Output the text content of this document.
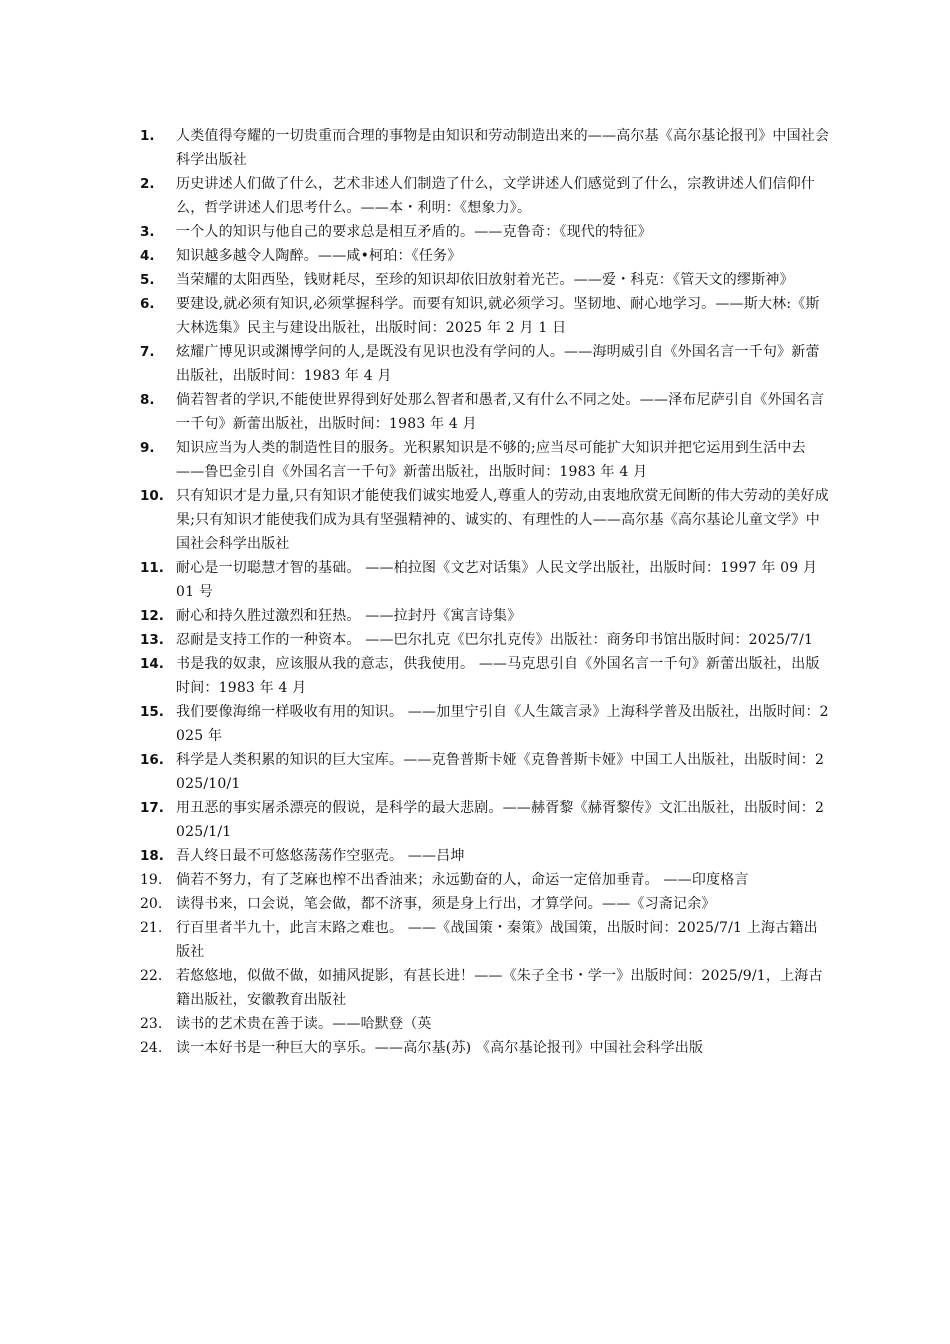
1.	人类值得夸耀的一切贵重而合理的事物是由知识和劳动制造出来的——高尔基《高尔基论报刊》中国社会科学出版社
2.	历史讲述人们做了什么，艺术非述人们制造了什么，文学讲述人们感觉到了什么，宗教讲述人们信仰什么，哲学讲述人们思考什么。——本・利明：《想象力》。
3.	一个人的知识与他自己的要求总是相互矛盾的。——克鲁奇：《现代的特征》
4.	知识越多越令人陶醉。——咸•柯珀：《任务》
5.	当荣耀的太阳西坠，钱财耗尽，至珍的知识却依旧放射着光芒。——爱・科克：《管天文的缪斯神》
6.	要建设,就必须有知识,必须掌握科学。而要有知识,就必须学习。坚韧地、耐心地学习。——斯大林:《斯大林选集》民主与建设出版社，出版时间：2025 年 2 月 1 日
7.	炫耀广博见识或渊博学问的人,是既没有见识也没有学问的人。——海明威引自《外国名言一千句》新蕾出版社，出版时间：1983 年 4 月
8.	倘若智者的学识,不能使世界得到好处那么智者和愚者,又有什么不同之处。——泽布尼萨引自《外国名言一千句》新蕾出版社，出版时间：1983 年 4 月
9.	知识应当为人类的制造性目的服务。光积累知识是不够的;应当尽可能扩大知识并把它运用到生活中去——鲁巴金引自《外国名言一千句》新蕾出版社，出版时间：1983 年 4 月
10. 只有知识才是力量,只有知识才能使我们诚实地爱人,尊重人的劳动,由衷地欣赏无间断的伟大劳动的美好成果;只有知识才能使我们成为具有坚强精神的、诚实的、有理性的人——高尔基《高尔基论儿童文学》中国社会科学出版社
11. 耐心是一切聪慧才智的基础。 ——柏拉图《文艺对话集》人民文学出版社，出版时间：1997 年 09 月 01 号
12. 耐心和持久胜过激烈和狂热。 ——拉封丹《寓言诗集》
13. 忍耐是支持工作的一种资本。 ——巴尔扎克《巴尔扎克传》出版社：商务印书馆出版时间：2025/7/1
14. 书是我的奴隶，应该服从我的意志，供我使用。 ——马克思引自《外国名言一千句》新蕾出版社，出版时间：1983 年 4 月
15. 我们要像海绵一样吸收有用的知识。 ——加里宁引自《人生箴言录》上海科学普及出版社，出版时间：2025 年
16. 科学是人类积累的知识的巨大宝库。——克鲁普斯卡娅《克鲁普斯卡娅》中国工人出版社，出版时间：2025/10/1
17. 用丑恶的事实屠杀漂亮的假说，是科学的最大悲剧。——赫胥黎《赫胥黎传》文汇出版社，出版时间：2025/1/1
18. 吾人终日最不可悠悠荡荡作空驱壳。 ——吕坤
19. 倘若不努力，有了芝麻也榨不出香油来；永远勤奋的人，命运一定倍加垂青。 ——印度格言
20. 读得书来，口会说，笔会做，都不济事，须是身上行出，才算学问。——《习斋记余》
21. 行百里者半九十，此言末路之难也。 ——《战国策・秦策》战国策，出版时间：2025/7/1 上海古籍出版社
22. 若悠悠地，似做不做，如捕风捉影，有甚长进！——《朱子全书・学一》出版时间：2025/9/1，上海古籍出版社，安徽教育出版社
23. 读书的艺术贵在善于读。——哈默登（英
24. 读一本好书是一种巨大的享乐。——高尔基(苏) 《高尔基论报刊》中国社会科学出版
